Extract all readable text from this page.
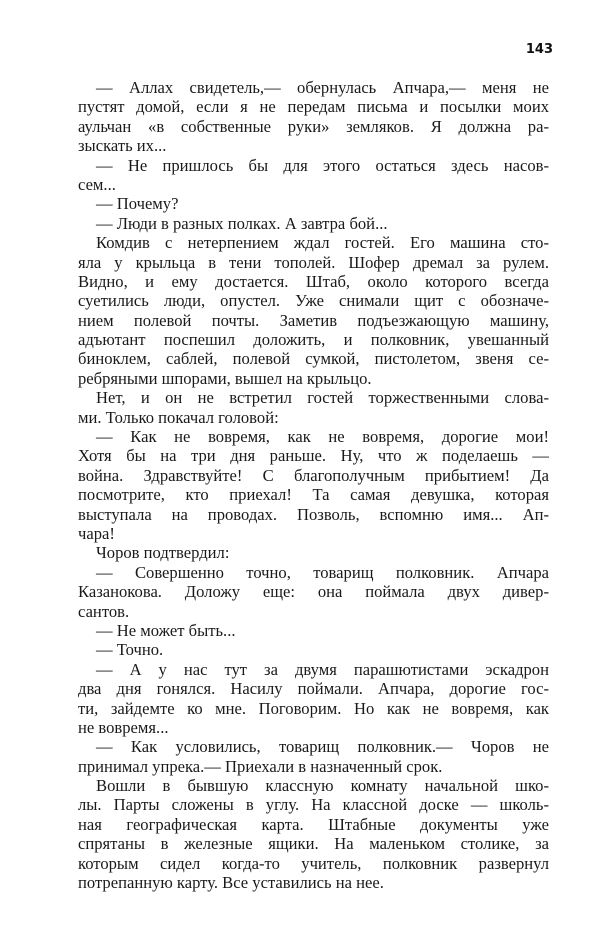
143
— Аллах свидетель,— обернулась Апчара,— меня не
пустят домой, если я не передам письма и посылки моих
аульчан «в собственные руки» земляков. Я должна ра-
зыскать их...
— Не пришлось бы для этого остаться здесь насов-
сем...
— Почему?
— Люди в разных полках. А завтра бой...
Комдив с нетерпением ждал гостей. Его машина сто-
яла у крыльца в тени тополей. Шофер дремал за рулем.
Видно, и ему достается. Штаб, около которого всегда
суетились люди, опустел. Уже снимали щит с обозначе-
нием полевой почты. Заметив подъезжающую машину,
адъютант поспешил доложить, и полковник, увешанный
биноклем, саблей, полевой сумкой, пистолетом, звеня се-
ребряными шпорами, вышел на крыльцо.
Нет, и он не встретил гостей торжественными слова-
ми. Только покачал головой:
— Как не вовремя, как не вовремя, дорогие мои!
Хотя бы на три дня раньше. Ну, что ж поделаешь —
война. Здравствуйте! С благополучным прибытием! Да
посмотрите, кто приехал! Та самая девушка, которая
выступала на проводах. Позволь, вспомню имя... Ап-
чара!
Чоров подтвердил:
— Совершенно точно, товарищ полковник. Апчара
Казанокова. Доложу еще: она поймала двух дивер-
сантов.
— Не может быть...
— Точно.
— А у нас тут за двумя парашютистами эскадрон
два дня гонялся. Насилу поймали. Апчара, дорогие гос-
ти, зайдемте ко мне. Поговорим. Но как не вовремя, как
не вовремя...
— Как условились, товарищ полковник.— Чоров не
принимал упрека.— Приехали в назначенный срок.
Вошли в бывшую классную комнату начальной шко-
лы. Парты сложены в углу. На классной доске — школь-
ная географическая карта. Штабные документы уже
спрятаны в железные ящики. На маленьком столике, за
которым сидел когда-то учитель, полковник развернул
потрепанную карту. Все уставились на нее.
